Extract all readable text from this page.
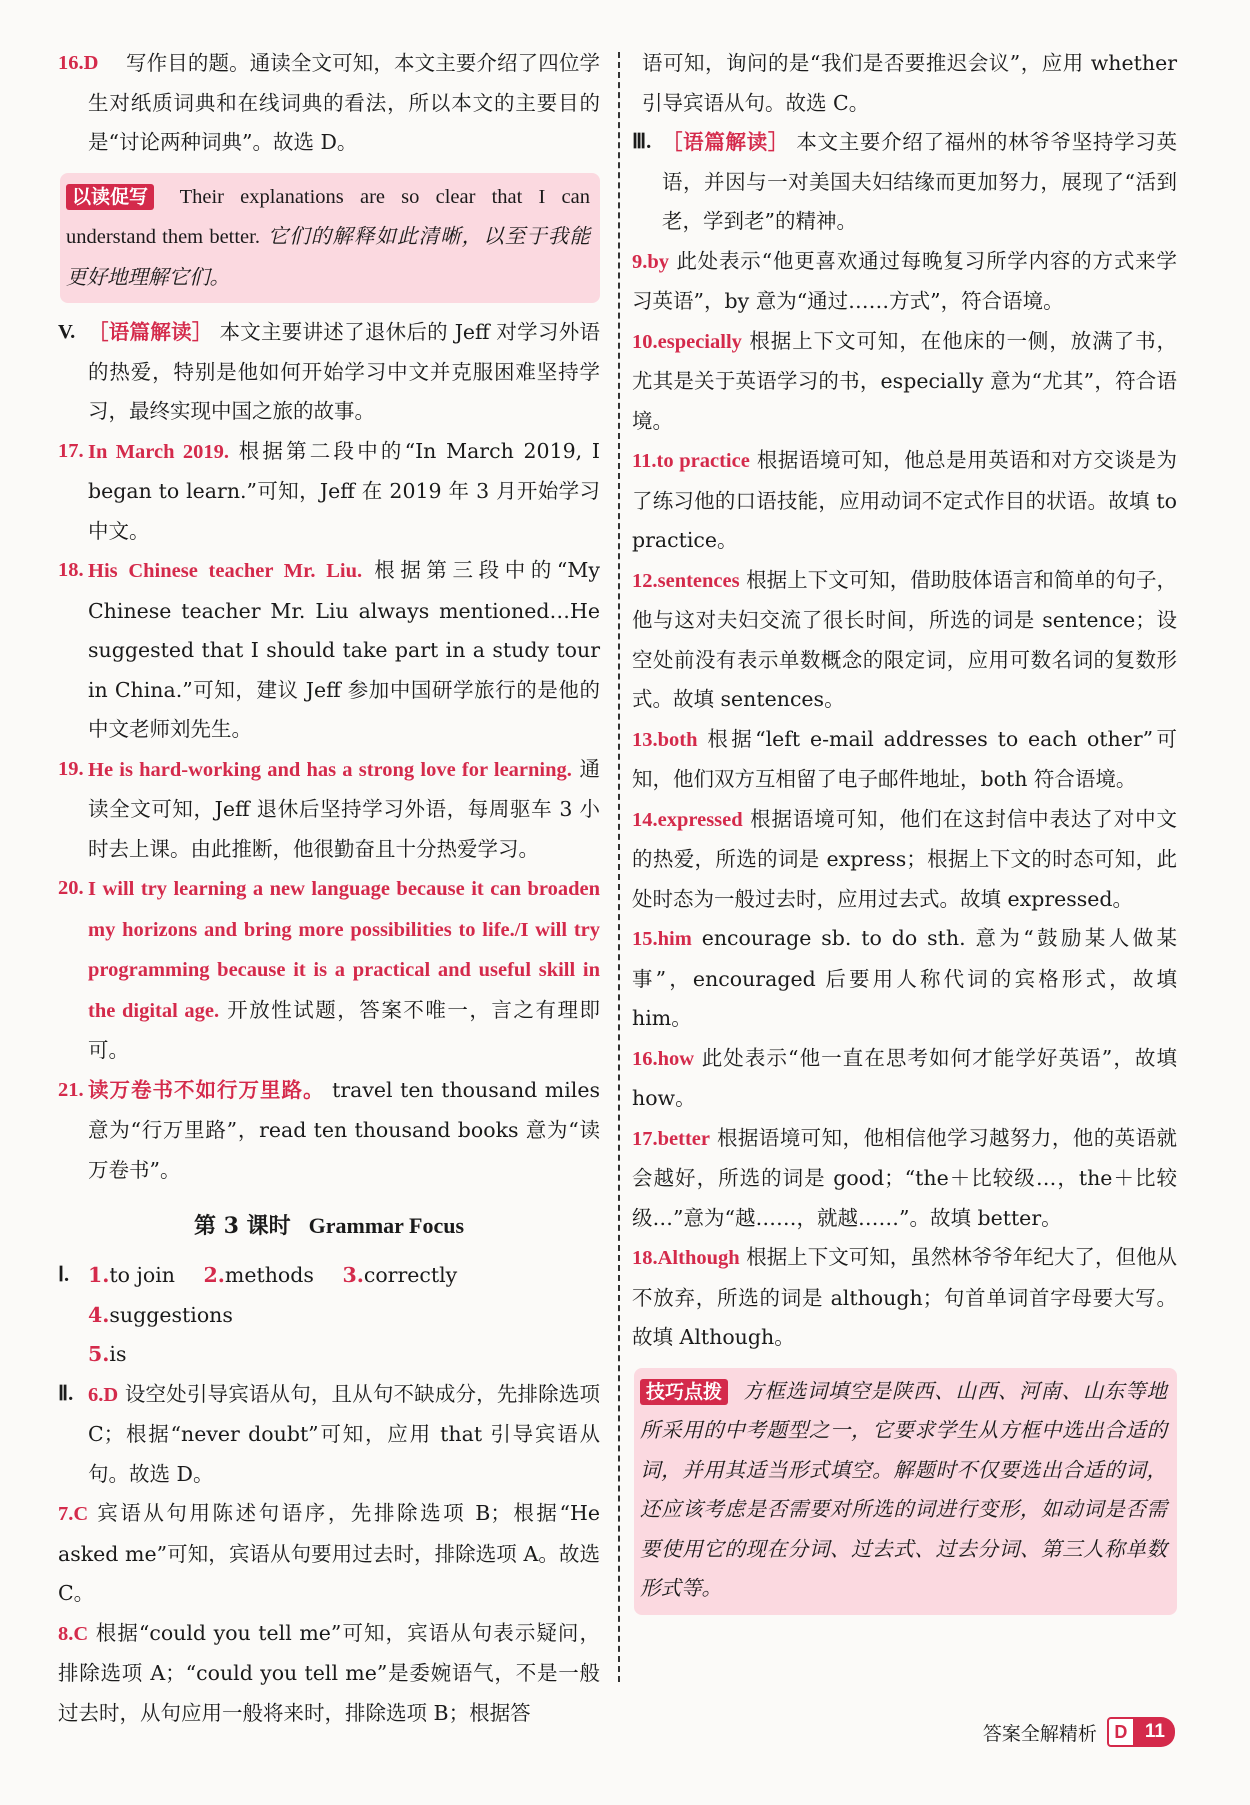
16.D 写作目的题。通读全文可知，本文主要介绍了四位学生对纸质词典和在线词典的看法，所以本文的主要目的是“讨论两种词典”。故选 D。
以读促写 Their explanations are so clear that I can understand them better. 它们的解释如此清晰，以至于我能更好地理解它们。
V. ［语篇解读］ 本文主要讲述了退休后的 Jeff 对学习外语的热爱，特别是他如何开始学习中文并克服困难坚持学习，最终实现中国之旅的故事。
17. In March 2019. 根据第二段中的“In March 2019, I began to learn.”可知，Jeff 在 2019 年 3 月开始学习中文。
18. His Chinese teacher Mr. Liu. 根据第三段中的“My Chinese teacher Mr. Liu always mentioned…He suggested that I should take part in a study tour in China.”可知，建议 Jeff 参加中国研学旅行的是他的中文老师刘先生。
19. He is hard-working and has a strong love for learning. 通读全文可知，Jeff 退休后坚持学习外语，每周驱车 3 小时去上课。由此推断，他很勤奋且十分热爱学习。
20. I will try learning a new language because it can broaden my horizons and bring more possibilities to life./I will try programming because it is a practical and useful skill in the digital age. 开放性试题，答案不唯一，言之有理即可。
21. 读万卷书不如行万里路。 travel ten thousand miles 意为“行万里路”，read ten thousand books 意为“读万卷书”。
第 3 课时 Grammar Focus
Ⅰ. 1.to join 2.methods 3.correctly 4.suggestions
5.is
Ⅱ. 6.D 设空处引导宾语从句，且从句不缺成分，先排除选项 C；根据“never doubt”可知，应用 that 引导宾语从句。故选 D。
7.C 宾语从句用陈述句语序，先排除选项 B；根据“He asked me”可知，宾语从句要用过去时，排除选项 A。故选 C。
8.C 根据“could you tell me”可知，宾语从句表示疑问，排除选项 A；“could you tell me”是委婉语气，不是一般过去时，从句应用一般将来时，排除选项 B；根据答

语可知，询问的是“我们是否要推迟会议”，应用 whether 引导宾语从句。故选 C。

Ⅲ. ［语篇解读］ 本文主要介绍了福州的林爷爷坚持学习英语，并因与一对美国夫妇结缘而更加努力，展现了“活到老，学到老”的精神。
9.by 此处表示“他更喜欢通过每晚复习所学内容的方式来学习英语”，by 意为“通过……方式”，符合语境。
10.especially 根据上下文可知，在他床的一侧，放满了书，尤其是关于英语学习的书，especially 意为“尤其”，符合语境。
11.to practice 根据语境可知，他总是用英语和对方交谈是为了练习他的口语技能，应用动词不定式作目的状语。故填 to practice。
12.sentences 根据上下文可知，借助肢体语言和简单的句子，他与这对夫妇交流了很长时间，所选的词是 sentence；设空处前没有表示单数概念的限定词，应用可数名词的复数形式。故填 sentences。
13.both 根据“left e-mail addresses to each other”可知，他们双方互相留了电子邮件地址，both 符合语境。
14.expressed 根据语境可知，他们在这封信中表达了对中文的热爱，所选的词是 express；根据上下文的时态可知，此处时态为一般过去时，应用过去式。故填 expressed。
15.him encourage sb. to do sth. 意为“鼓励某人做某事”，encouraged 后要用人称代词的宾格形式，故填 him。
16.how 此处表示“他一直在思考如何才能学好英语”，故填 how。
17.better 根据语境可知，他相信他学习越努力，他的英语就会越好，所选的词是 good；“the＋比较级…，the＋比较级…”意为“越……，就越……”。故填 better。
18.Although 根据上下文可知，虽然林爷爷年纪大了，但他从不放弃，所选的词是 although；句首单词首字母要大写。故填 Although。
技巧点拨 方框选词填空是陕西、山西、河南、山东等地所采用的中考题型之一，它要求学生从方框中选出合适的词，并用其适当形式填空。解题时不仅要选出合适的词，还应该考虑是否需要对所选的词进行变形，如动词是否需要使用它的现在分词、过去式、过去分词、第三人称单数形式等。
答案全解精析 D 11
